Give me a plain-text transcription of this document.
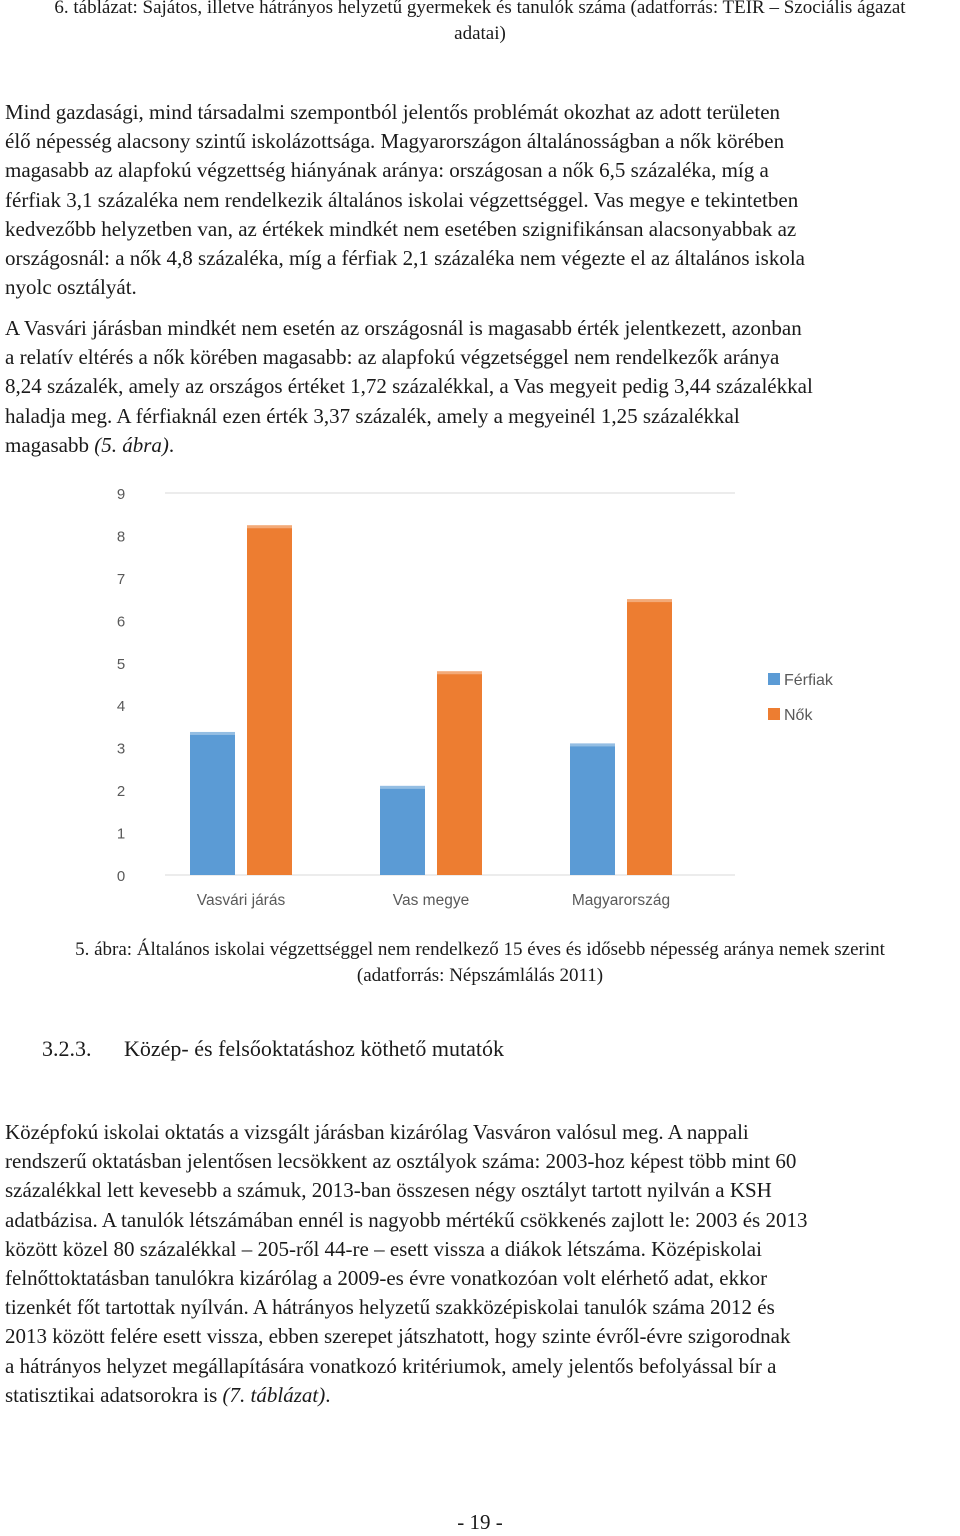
6. táblázat: Sajátos, illetve hátrányos helyzetű gyermekek és tanulók száma (adatforrás: TEIR – Szociális ágazat
adatai)
Mind gazdasági, mind társadalmi szempontból jelentős problémát okozhat az adott területen
élő népesség alacsony szintű iskolázottsága. Magyarországon általánosságban a nők körében
magasabb az alapfokú végzettség hiányának aránya: országosan a nők 6,5 százaléka, míg a
férfiak 3,1 százaléka nem rendelkezik általános iskolai végzettséggel. Vas megye e tekintetben
kedvezőbb helyzetben van, az értékek mindkét nem esetében szignifikánsan alacsonyabbak az
országosnál: a nők 4,8 százaléka, míg a férfiak 2,1 százaléka nem végezte el az általános iskola
nyolc osztályát.
A Vasvári járásban mindkét nem esetén az országosnál is magasabb érték jelentkezett, azonban
a relatív eltérés a nők körében magasabb: az alapfokú végzetséggel nem rendelkezők aránya
8,24 százalék, amely az országos értéket 1,72 százalékkal, a Vas megyeit pedig 3,44 százalékkal
haladja meg. A férfiaknál ezen érték 3,37 százalék, amely a megyeinél 1,25 százalékkal
magasabb (5. ábra).
0
1
2
3
4
5
6
7
8
9
Vasvári járás	Vas megye	Magyarország
Férfiak
Nők
5. ábra: Általános iskolai végzettséggel nem rendelkező 15 éves és idősebb népesség aránya nemek szerint
(adatforrás: Népszámlálás 2011)
3.2.3. Közép- és felsőoktatáshoz köthető mutatók
Középfokú iskolai oktatás a vizsgált járásban kizárólag Vasváron valósul meg. A nappali
rendszerű oktatásban jelentősen lecsökkent az osztályok száma: 2003-hoz képest több mint 60
százalékkal lett kevesebb a számuk, 2013-ban összesen négy osztályt tartott nyilván a KSH
adatbázisa. A tanulók létszámában ennél is nagyobb mértékű csökkenés zajlott le: 2003 és 2013
között közel 80 százalékkal – 205-ről 44-re – esett vissza a diákok létszáma. Középiskolai
felnőttoktatásban tanulókra kizárólag a 2009-es évre vonatkozóan volt elérhető adat, ekkor
tizenkét főt tartottak nyílván. A hátrányos helyzetű szakközépiskolai tanulók száma 2012 és
2013 között felére esett vissza, ebben szerepet játszhatott, hogy szinte évről-évre szigorodnak
a hátrányos helyzet megállapítására vonatkozó kritériumok, amely jelentős befolyással bír a
statisztikai adatsorokra is (7. táblázat).
- 19 -
